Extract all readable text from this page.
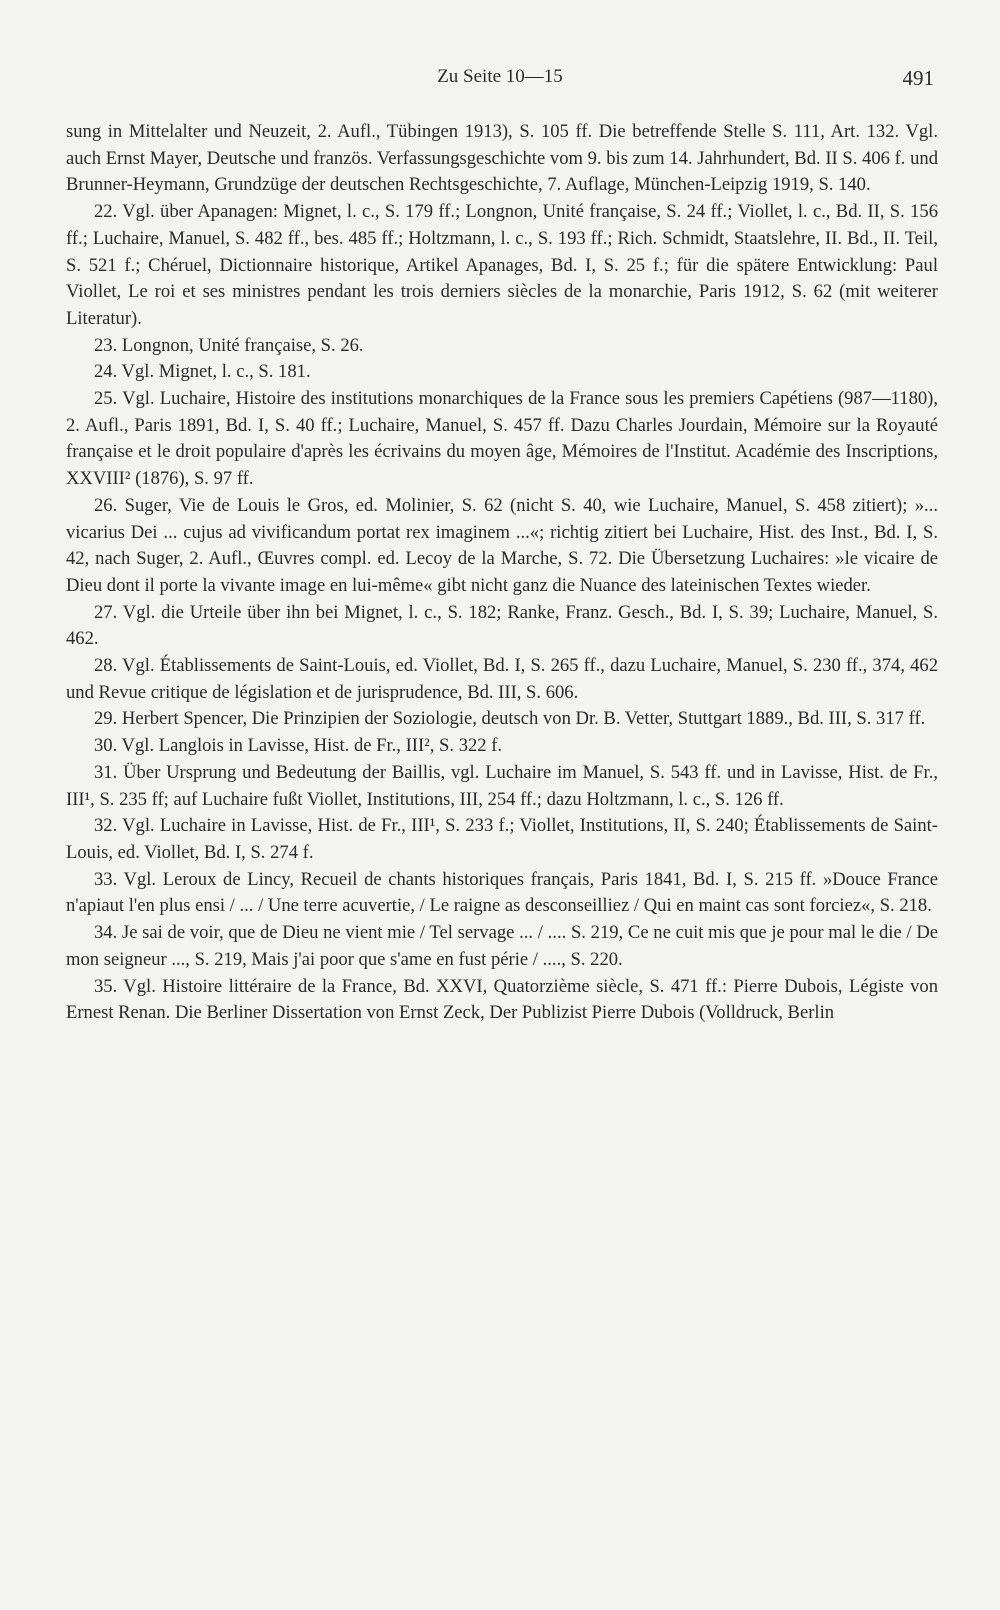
Zu Seite 10—15	491

sung in Mittelalter und Neuzeit, 2. Aufl., Tübingen 1913), S. 105 ff. Die betreffende Stelle S. 111, Art. 132. Vgl. auch Ernst Mayer, Deutsche und französ. Verfassungsgeschichte vom 9. bis zum 14. Jahrhundert, Bd. II S. 406 f. und Brunner-Heymann, Grundzüge der deutschen Rechtsgeschichte, 7. Auflage, München-Leipzig 1919, S. 140.

22. Vgl. über Apanagen: Mignet, l. c., S. 179 ff.; Longnon, Unité française, S. 24 ff.; Viollet, l. c., Bd. II, S. 156 ff.; Luchaire, Manuel, S. 482 ff., bes. 485 ff.; Holtzmann, l. c., S. 193 ff.; Rich. Schmidt, Staatslehre, II. Bd., II. Teil, S. 521 f.; Chéruel, Dictionnaire historique, Artikel Apanages, Bd. I, S. 25 f.; für die spätere Entwicklung: Paul Viollet, Le roi et ses ministres pendant les trois derniers siècles de la monarchie, Paris 1912, S. 62 (mit weiterer Literatur).

23. Longnon, Unité française, S. 26.

24. Vgl. Mignet, l. c., S. 181.

25. Vgl. Luchaire, Histoire des institutions monarchiques de la France sous les premiers Capétiens (987—1180), 2. Aufl., Paris 1891, Bd. I, S. 40 ff.; Luchaire, Manuel, S. 457 ff. Dazu Charles Jourdain, Mémoire sur la Royauté française et le droit populaire d'après les écrivains du moyen âge, Mémoires de l'Institut. Académie des Inscriptions, XXVIII² (1876), S. 97 ff.

26. Suger, Vie de Louis le Gros, ed. Molinier, S. 62 (nicht S. 40, wie Luchaire, Manuel, S. 458 zitiert); »... vicarius Dei ... cujus ad vivificandum portat rex imaginem ...«; richtig zitiert bei Luchaire, Hist. des Inst., Bd. I, S. 42, nach Suger, 2. Aufl., Œuvres compl. ed. Lecoy de la Marche, S. 72. Die Übersetzung Luchaires: »le vicaire de Dieu dont il porte la vivante image en lui-même« gibt nicht ganz die Nuance des lateinischen Textes wieder.

27. Vgl. die Urteile über ihn bei Mignet, l. c., S. 182; Ranke, Franz. Gesch., Bd. I, S. 39; Luchaire, Manuel, S. 462.

28. Vgl. Établissements de Saint-Louis, ed. Viollet, Bd. I, S. 265 ff., dazu Luchaire, Manuel, S. 230 ff., 374, 462 und Revue critique de législation et de jurisprudence, Bd. III, S. 606.

29. Herbert Spencer, Die Prinzipien der Soziologie, deutsch von Dr. B. Vetter, Stuttgart 1889., Bd. III, S. 317 ff.

30. Vgl. Langlois in Lavisse, Hist. de Fr., III², S. 322 f.

31. Über Ursprung und Bedeutung der Baillis, vgl. Luchaire im Manuel, S. 543 ff. und in Lavisse, Hist. de Fr., III¹, S. 235 ff; auf Luchaire fußt Viollet, Institutions, III, 254 ff.; dazu Holtzmann, l. c., S. 126 ff.

32. Vgl. Luchaire in Lavisse, Hist. de Fr., III¹, S. 233 f.; Viollet, Institutions, II, S. 240; Établissements de Saint-Louis, ed. Viollet, Bd. I, S. 274 f.

33. Vgl. Leroux de Lincy, Recueil de chants historiques français, Paris 1841, Bd. I, S. 215 ff. »Douce France n'apiaut l'en plus ensi / ... / Une terre acuvertie, / Le raigne as desconseilliez / Qui en maint cas sont forciez«, S. 218.

34. Je sai de voir, que de Dieu ne vient mie / Tel servage ... / .... S. 219, Ce ne cuit mis que je pour mal le die / De mon seigneur ..., S. 219, Mais j'ai poor que s'ame en fust périe / ...., S. 220.

35. Vgl. Histoire littéraire de la France, Bd. XXVI, Quatorzième siècle, S. 471 ff.: Pierre Dubois, Légiste von Ernest Renan. Die Berliner Dissertation von Ernst Zeck, Der Publizist Pierre Dubois (Volldruck, Berlin
